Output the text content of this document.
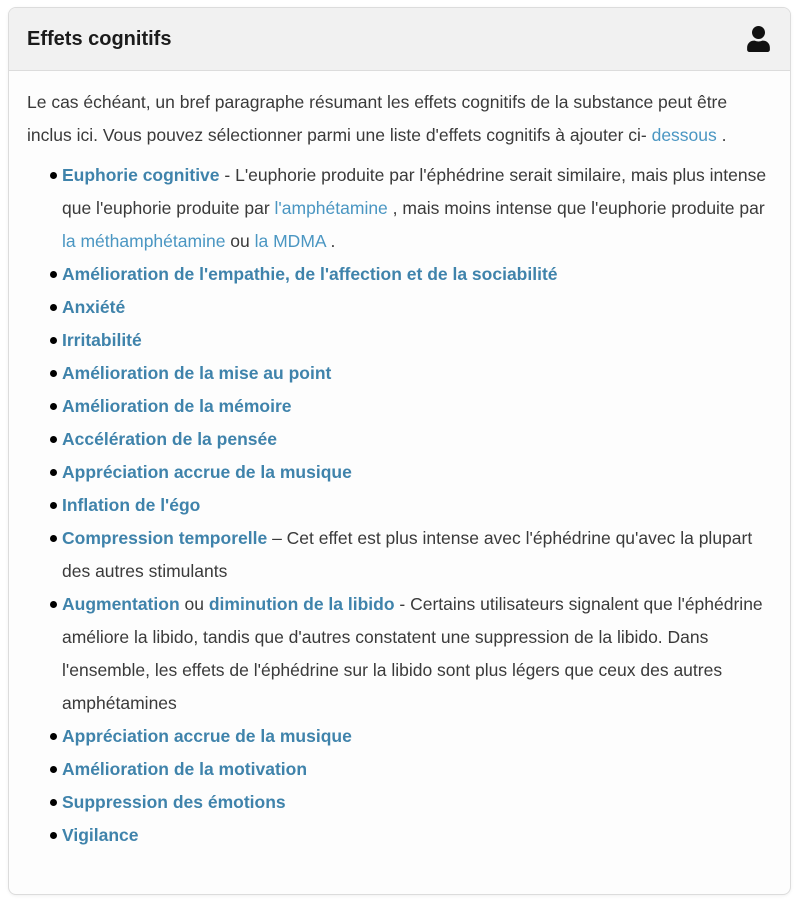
Effets cognitifs

Le cas échéant, un bref paragraphe résumant les effets cognitifs de la substance peut être inclus ici. Vous pouvez sélectionner parmi une liste d'effets cognitifs à ajouter ci- dessous .

Euphorie cognitive - L'euphorie produite par l'éphédrine serait similaire, mais plus intense que l'euphorie produite par l'amphétamine , mais moins intense que l'euphorie produite par la méthamphétamine ou la MDMA .
Amélioration de l'empathie, de l'affection et de la sociabilité
Anxiété
Irritabilité
Amélioration de la mise au point
Amélioration de la mémoire
Accélération de la pensée
Appréciation accrue de la musique
Inflation de l'égo
Compression temporelle – Cet effet est plus intense avec l'éphédrine qu'avec la plupart des autres stimulants
Augmentation ou diminution de la libido - Certains utilisateurs signalent que l'éphédrine améliore la libido, tandis que d'autres constatent une suppression de la libido. Dans l'ensemble, les effets de l'éphédrine sur la libido sont plus légers que ceux des autres amphétamines
Appréciation accrue de la musique
Amélioration de la motivation
Suppression des émotions
Vigilance
